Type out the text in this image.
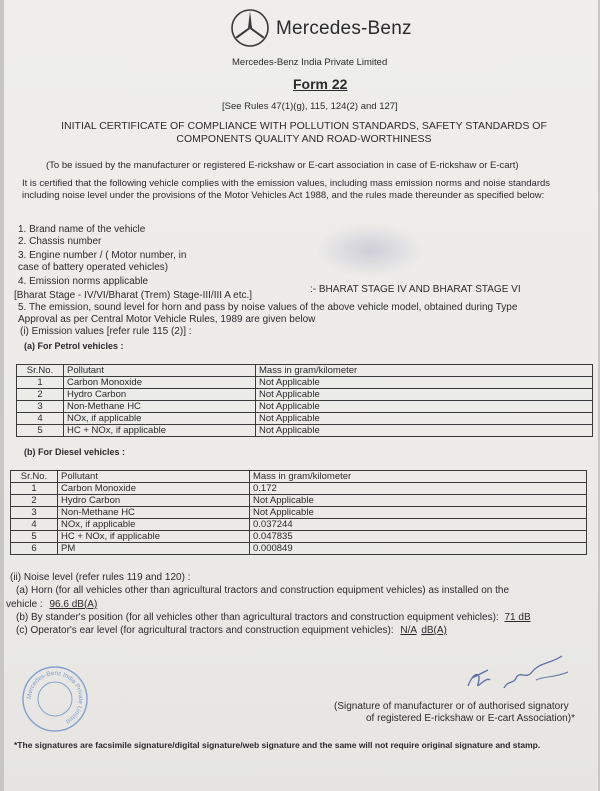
Mercedes-Benz
Mercedes-Benz India Private Limited
Form 22
[See Rules 47(1)(g), 115, 124(2) and 127]
INITIAL CERTIFICATE OF COMPLIANCE WITH POLLUTION STANDARDS, SAFETY STANDARDS OF COMPONENTS QUALITY AND ROAD-WORTHINESS
(To be issued by the manufacturer or registered E-rickshaw or E-cart association in case of E-rickshaw or E-cart)
It is certified that the following vehicle complies with the emission values, including mass emission norms and noise standards including noise level under the provisions of the Motor Vehicles Act 1988, and the rules made thereunder as specified below:
1. Brand name of the vehicle
2. Chassis number
3. Engine number / ( Motor number, in
case of battery operated vehicles)
4. Emission norms applicable
:- BHARAT STAGE IV AND BHARAT STAGE VI
[Bharat Stage - IV/VI/Bharat (Trem) Stage-III/III A etc.]
5. The emission, sound level for horn and pass by noise values of the above vehicle model, obtained during Type
Approval as per Central Motor Vehicle Rules, 1989 are given below
(i) Emission values [refer rule 115 (2)] :
(a) For Petrol vehicles :
Sr.No.	Pollutant	Mass in gram/kilometer
1	Carbon Monoxide	Not Applicable
2	Hydro Carbon	Not Applicable
3	Non-Methane HC	Not Applicable
4	NOx, if applicable	Not Applicable
5	HC + NOx, if applicable	Not Applicable
(b) For Diesel vehicles :
Sr.No.	Pollutant	Mass in gram/kilometer
1	Carbon Monoxide	0.172
2	Hydro Carbon	Not Applicable
3	Non-Methane HC	Not Applicable
4	NOx, if applicable	0.037244
5	HC + NOx, if applicable	0.047835
6	PM	0.000849
(ii) Noise level (refer rules 119 and 120) :
(a) Horn (for all vehicles other than agricultural tractors and construction equipment vehicles) as installed on the
vehicle : 96.6 dB(A)
(b) By stander's position (for all vehicles other than agricultural tractors and construction equipment vehicles): 71 dB
(c) Operator's ear level (for agricultural tractors and construction equipment vehicles): N/A dB(A)
Mercedes-Benz India Private Limited
(Signature of manufacturer or of authorised signatory
of registered E-rickshaw or E-cart Association)*
*The signatures are facsimile signature/digital signature/web signature and the same will not require original signature and stamp.
